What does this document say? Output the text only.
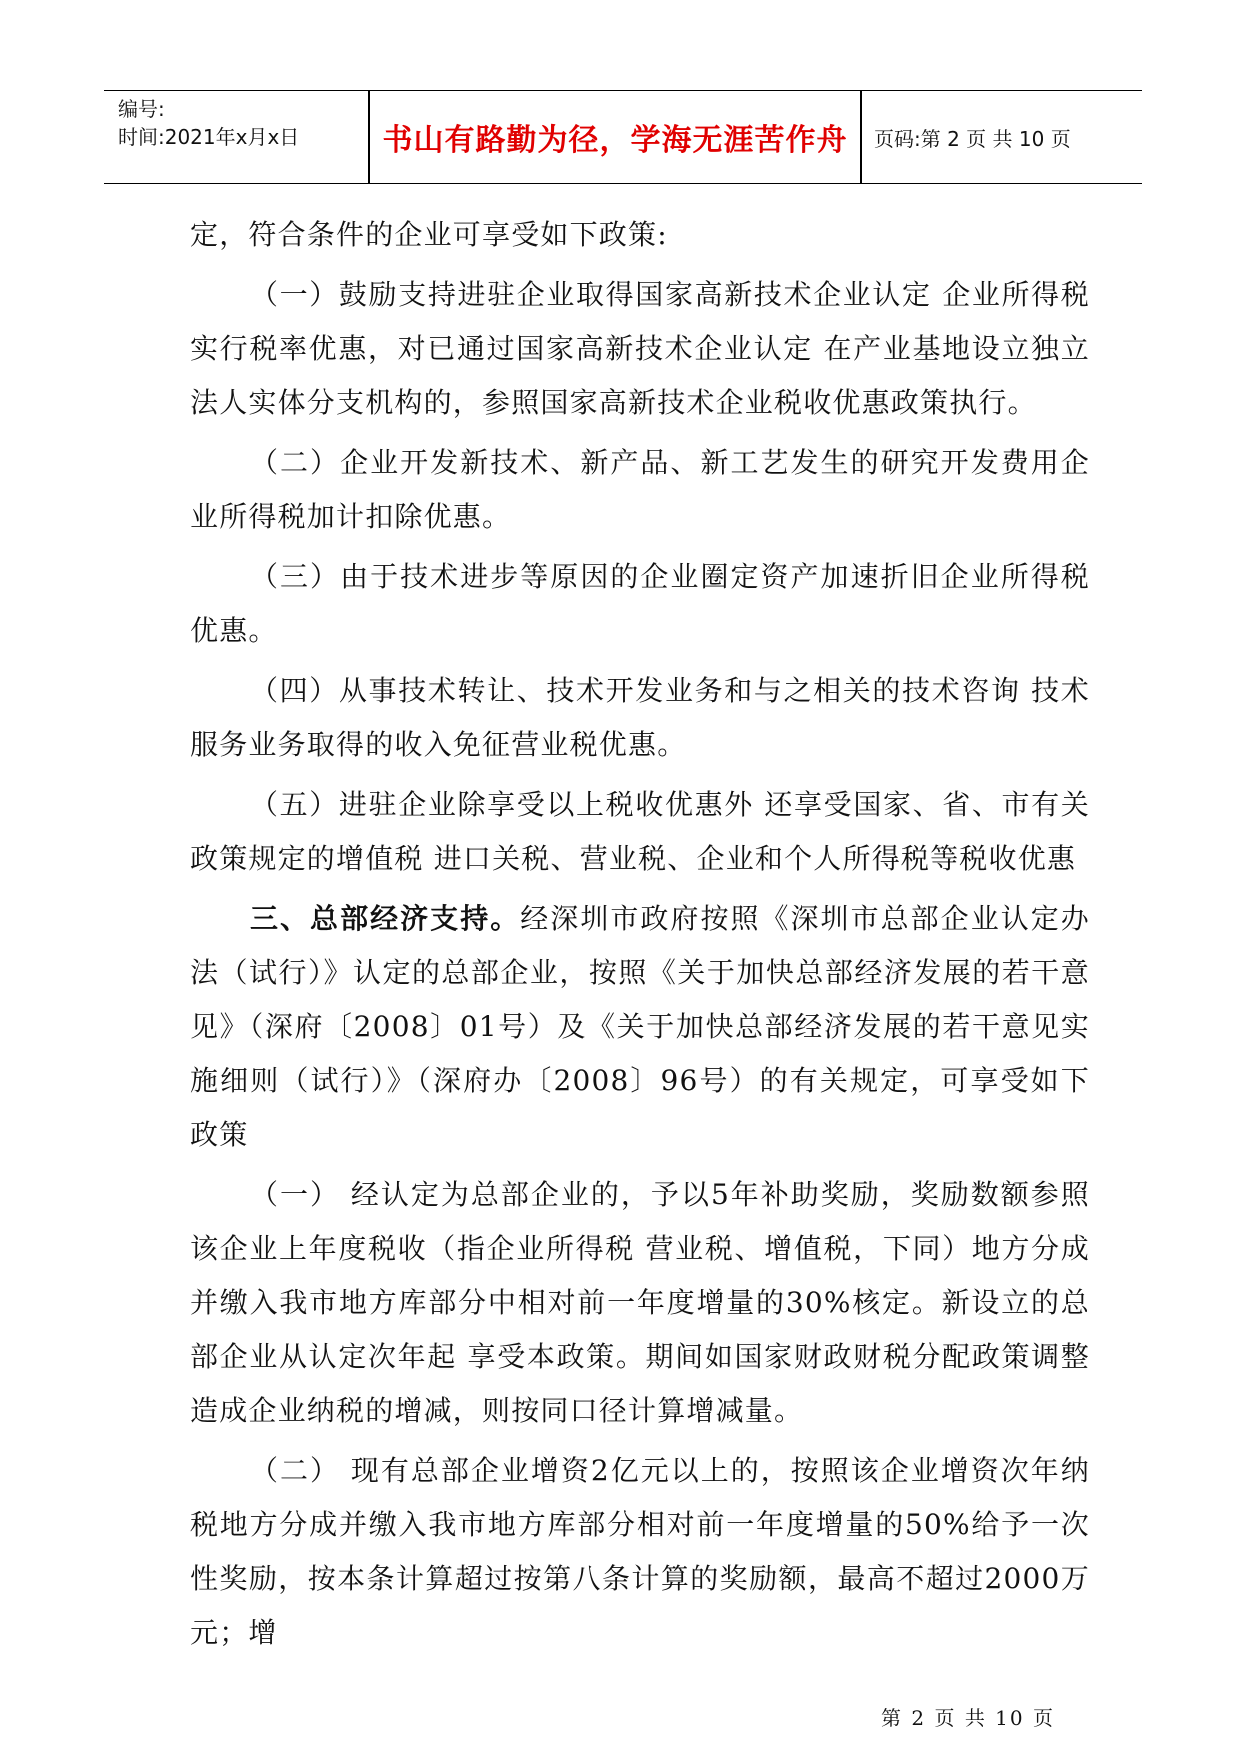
编号:
时间:2021年x月x日	书山有路勤为径，学海无涯苦作舟	页码:第 2 页 共 10 页

定，符合条件的企业可享受如下政策:

（一）鼓励支持进驻企业取得国家高新技术企业认定 企业所得税实行税率优惠，对已通过国家高新技术企业认定 在产业基地设立独立法人实体分支机构的，参照国家高新技术企业税收优惠政策执行。

（二）企业开发新技术、新产品、新工艺发生的研究开发费用企业所得税加计扣除优惠。

（三）由于技术进步等原因的企业圈定资产加速折旧企业所得税优惠。

（四）从事技术转让、技术开发业务和与之相关的技术咨询 技术服务业务取得的收入免征营业税优惠。

（五）进驻企业除享受以上税收优惠外 还享受国家、省、市有关政策规定的增值税 进口关税、营业税、企业和个人所得税等税收优惠

三、总部经济支持。经深圳市政府按照《深圳市总部企业认定办法（试行）》认定的总部企业，按照《关于加快总部经济发展的若干意见》（深府〔2008〕01号）及《关于加快总部经济发展的若干意见实施细则（试行）》（深府办〔2008〕96号）的有关规定，可享受如下政策

（一） 经认定为总部企业的，予以5年补助奖励，奖励数额参照该企业上年度税收（指企业所得税 营业税、增值税，下同）地方分成并缴入我市地方库部分中相对前一年度增量的30%核定。新设立的总部企业从认定次年起 享受本政策。期间如国家财政财税分配政策调整造成企业纳税的增减，则按同口径计算增减量。

（二） 现有总部企业增资2亿元以上的，按照该企业增资次年纳税地方分成并缴入我市地方库部分相对前一年度增量的50%给予一次性奖励，按本条计算超过按第八条计算的奖励额，最高不超过2000万元；增

第 2 页 共 10 页
